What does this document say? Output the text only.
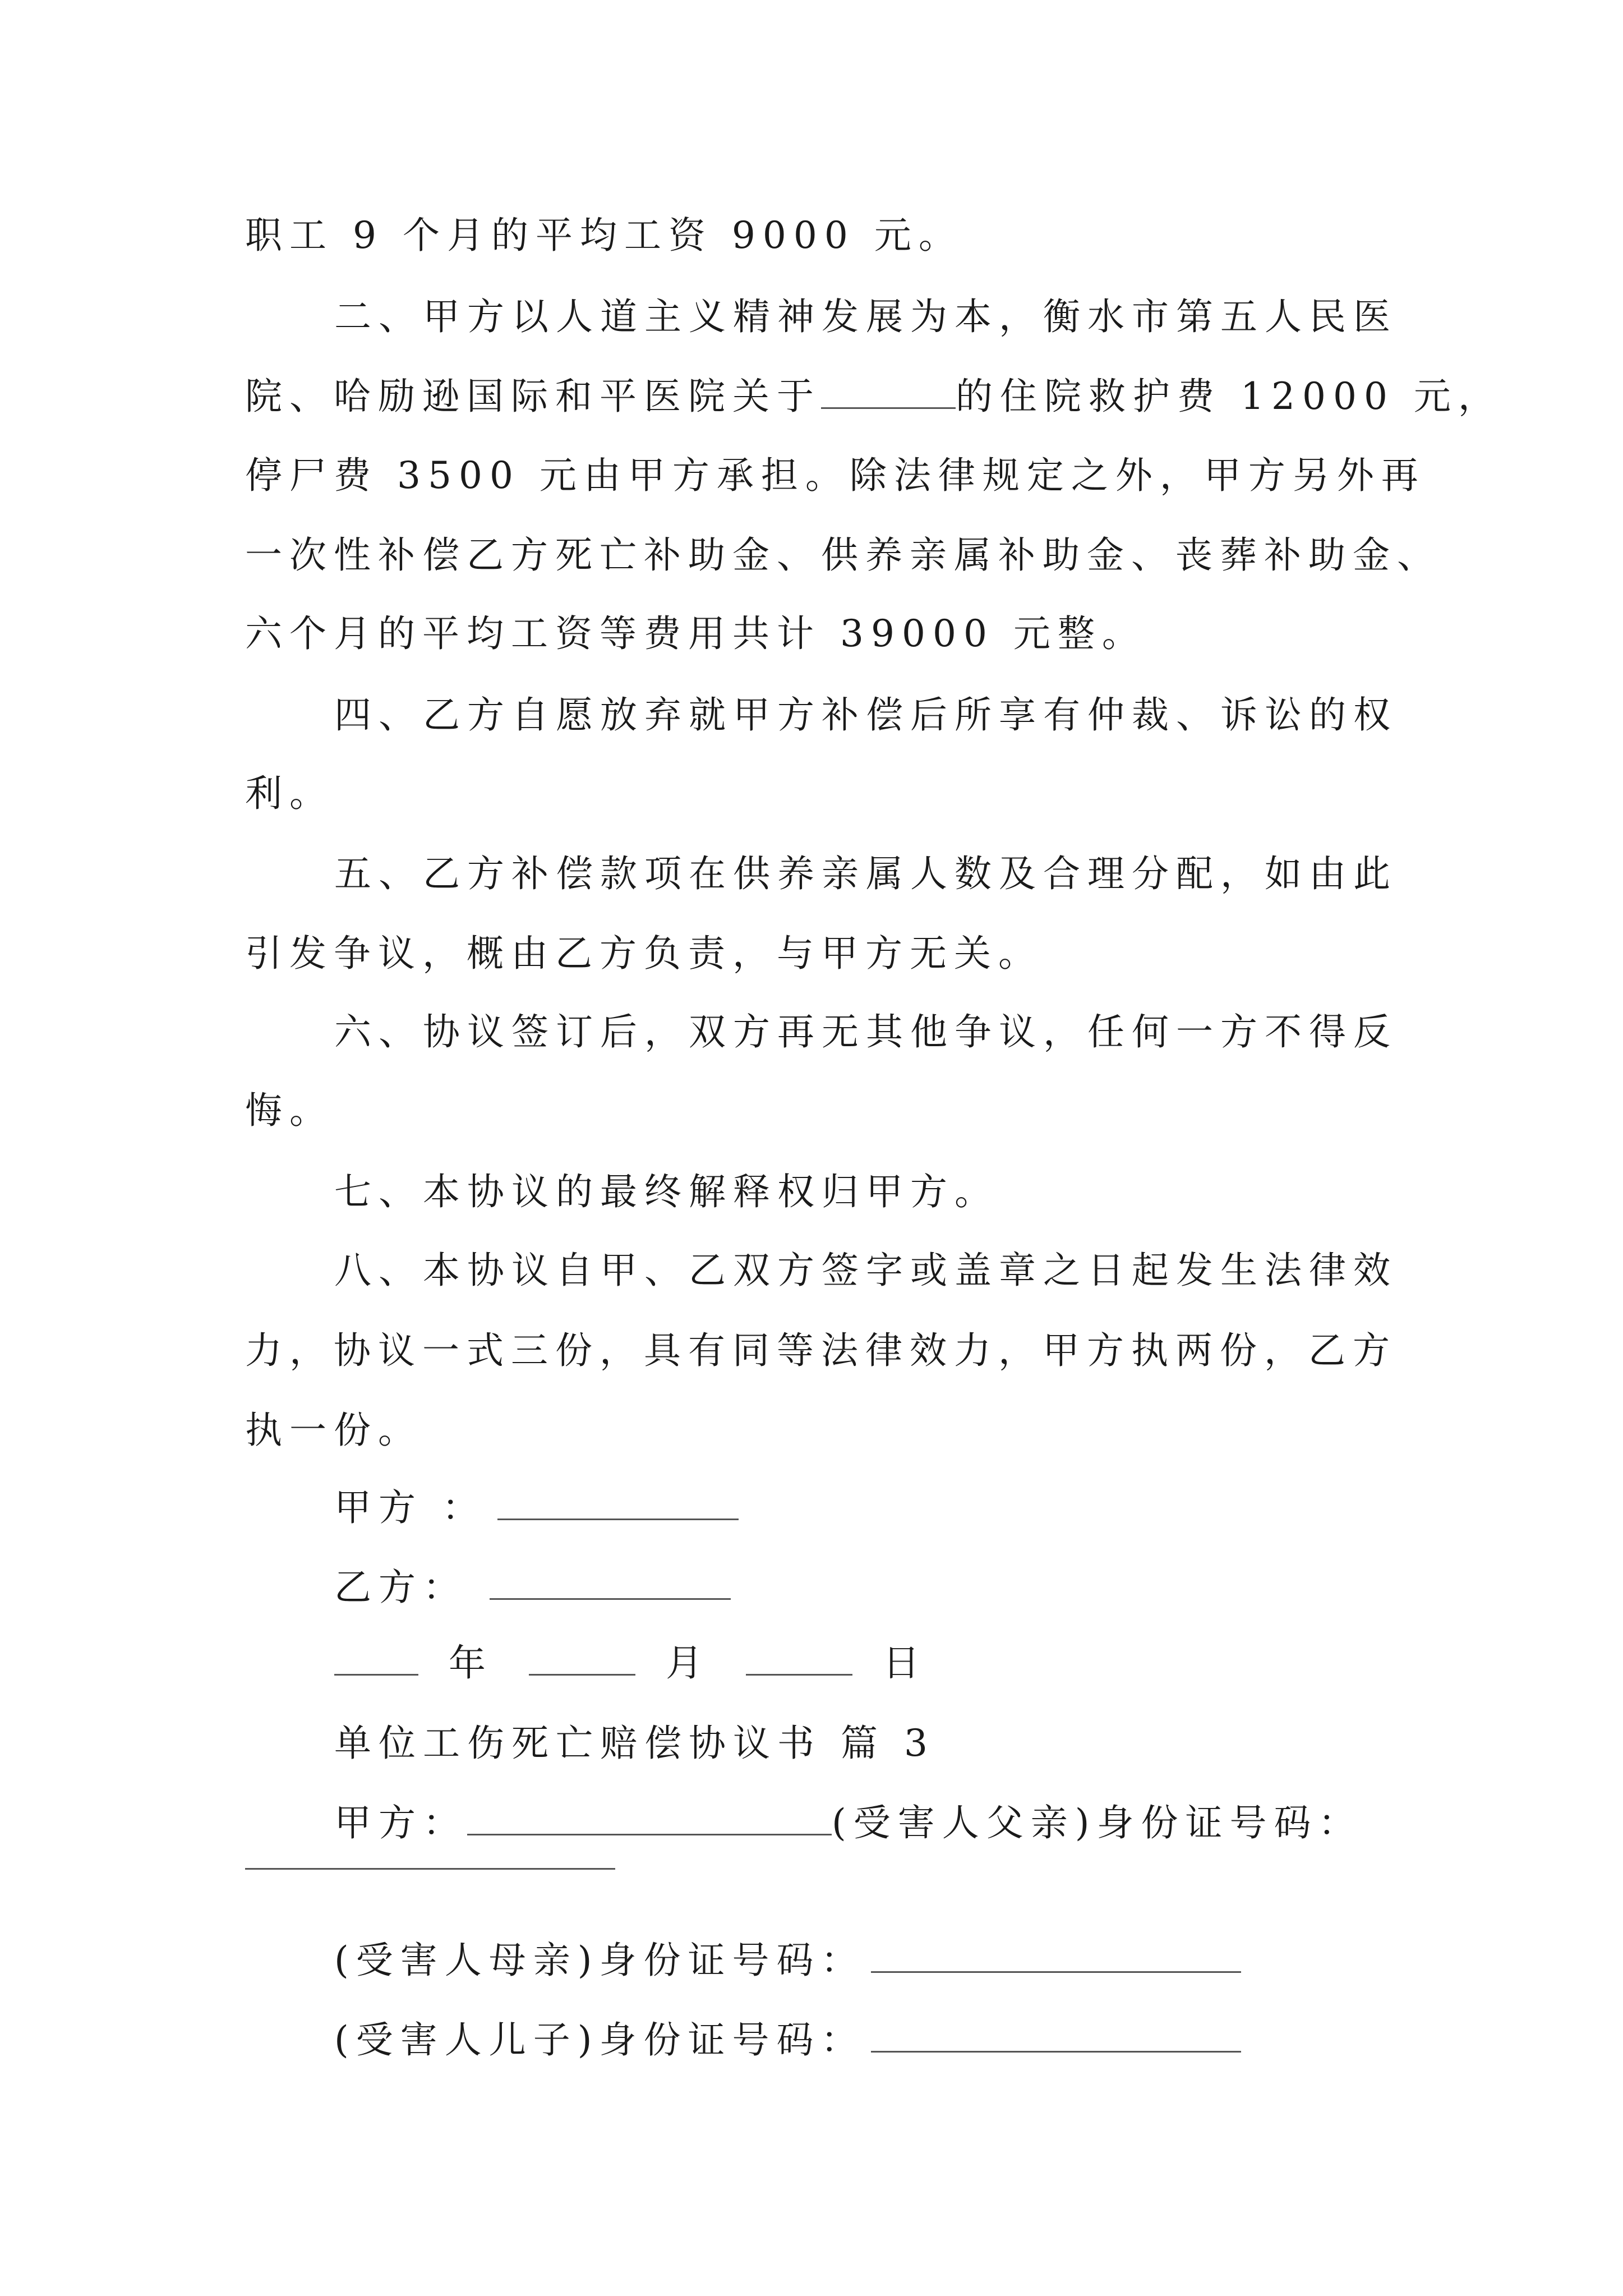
职工 9 个月的平均工资 9000 元。
二、甲方以人道主义精神发展为本，衡水市第五人民医
院、哈励逊国际和平医院关于	的住院救护费 12000 元，
停尸费 3500 元由甲方承担。除法律规定之外，甲方另外再
一次性补偿乙方死亡补助金、供养亲属补助金、丧葬补助金、
六个月的平均工资等费用共计 39000 元整。
四、乙方自愿放弃就甲方补偿后所享有仲裁、诉讼的权
利。
五、乙方补偿款项在供养亲属人数及合理分配，如由此
引发争议，概由乙方负责，与甲方无关。
六、协议签订后，双方再无其他争议，任何一方不得反
悔。
七、本协议的最终解释权归甲方。
八、本协议自甲、乙双方签字或盖章之日起发生法律效
力，协议一式三份，具有同等法律效力，甲方执两份，乙方
执一份。
甲方 ：
乙方：
年	月	日
单位工伤死亡赔偿协议书 篇 3
甲方：	(受害人父亲)身份证号码：
(受害人母亲)身份证号码：
(受害人儿子)身份证号码：
